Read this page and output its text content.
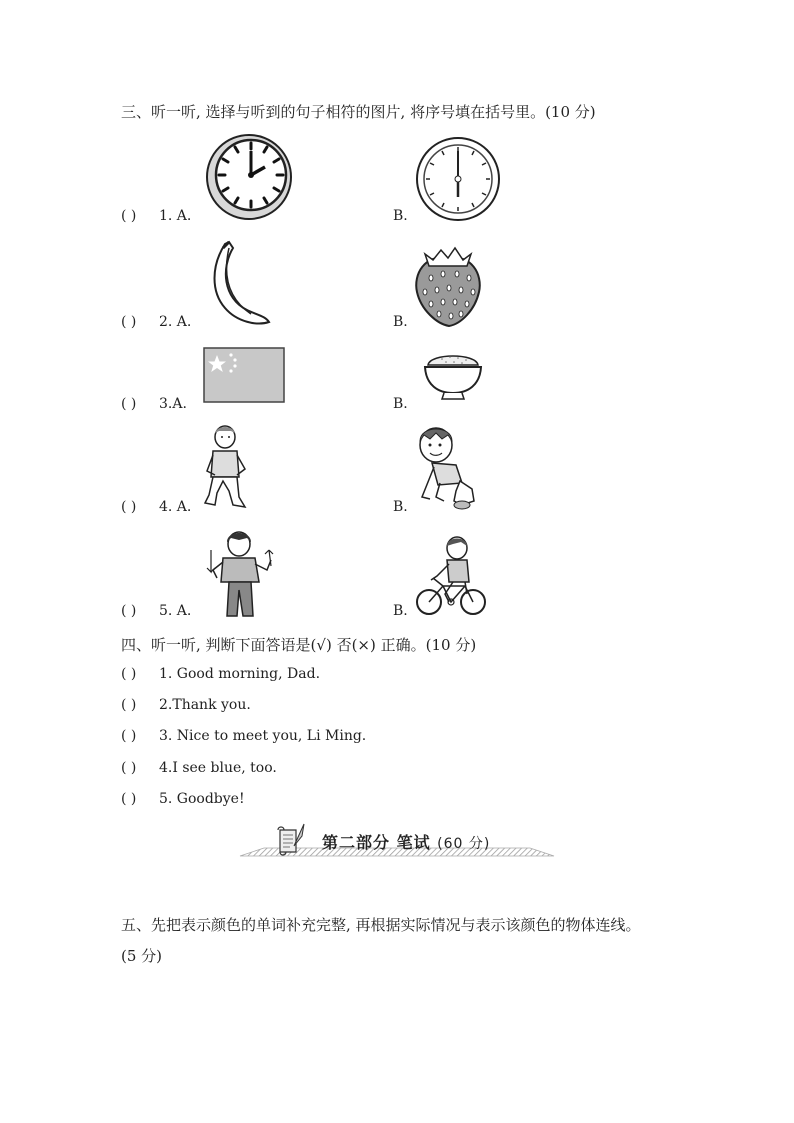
三、听一听, 选择与听到的句子相符的图片, 将序号填在括号里。(10 分)
( ) 1. A.	B.
( ) 2. A.	B.
( ) 3.A.	B.
( ) 4. A.	B.
( ) 5. A.	B.
四、听一听, 判断下面答语是(√) 否(×) 正确。(10 分)
( ) 1. Good morning, Dad.
( ) 2.Thank you.
( ) 3. Nice to meet you, Li Ming.
( ) 4.I see blue, too.
( ) 5. Goodbye!
第二部分 笔试 (60 分)
五、先把表示颜色的单词补充完整, 再根据实际情况与表示该颜色的物体连线。
(5 分)
